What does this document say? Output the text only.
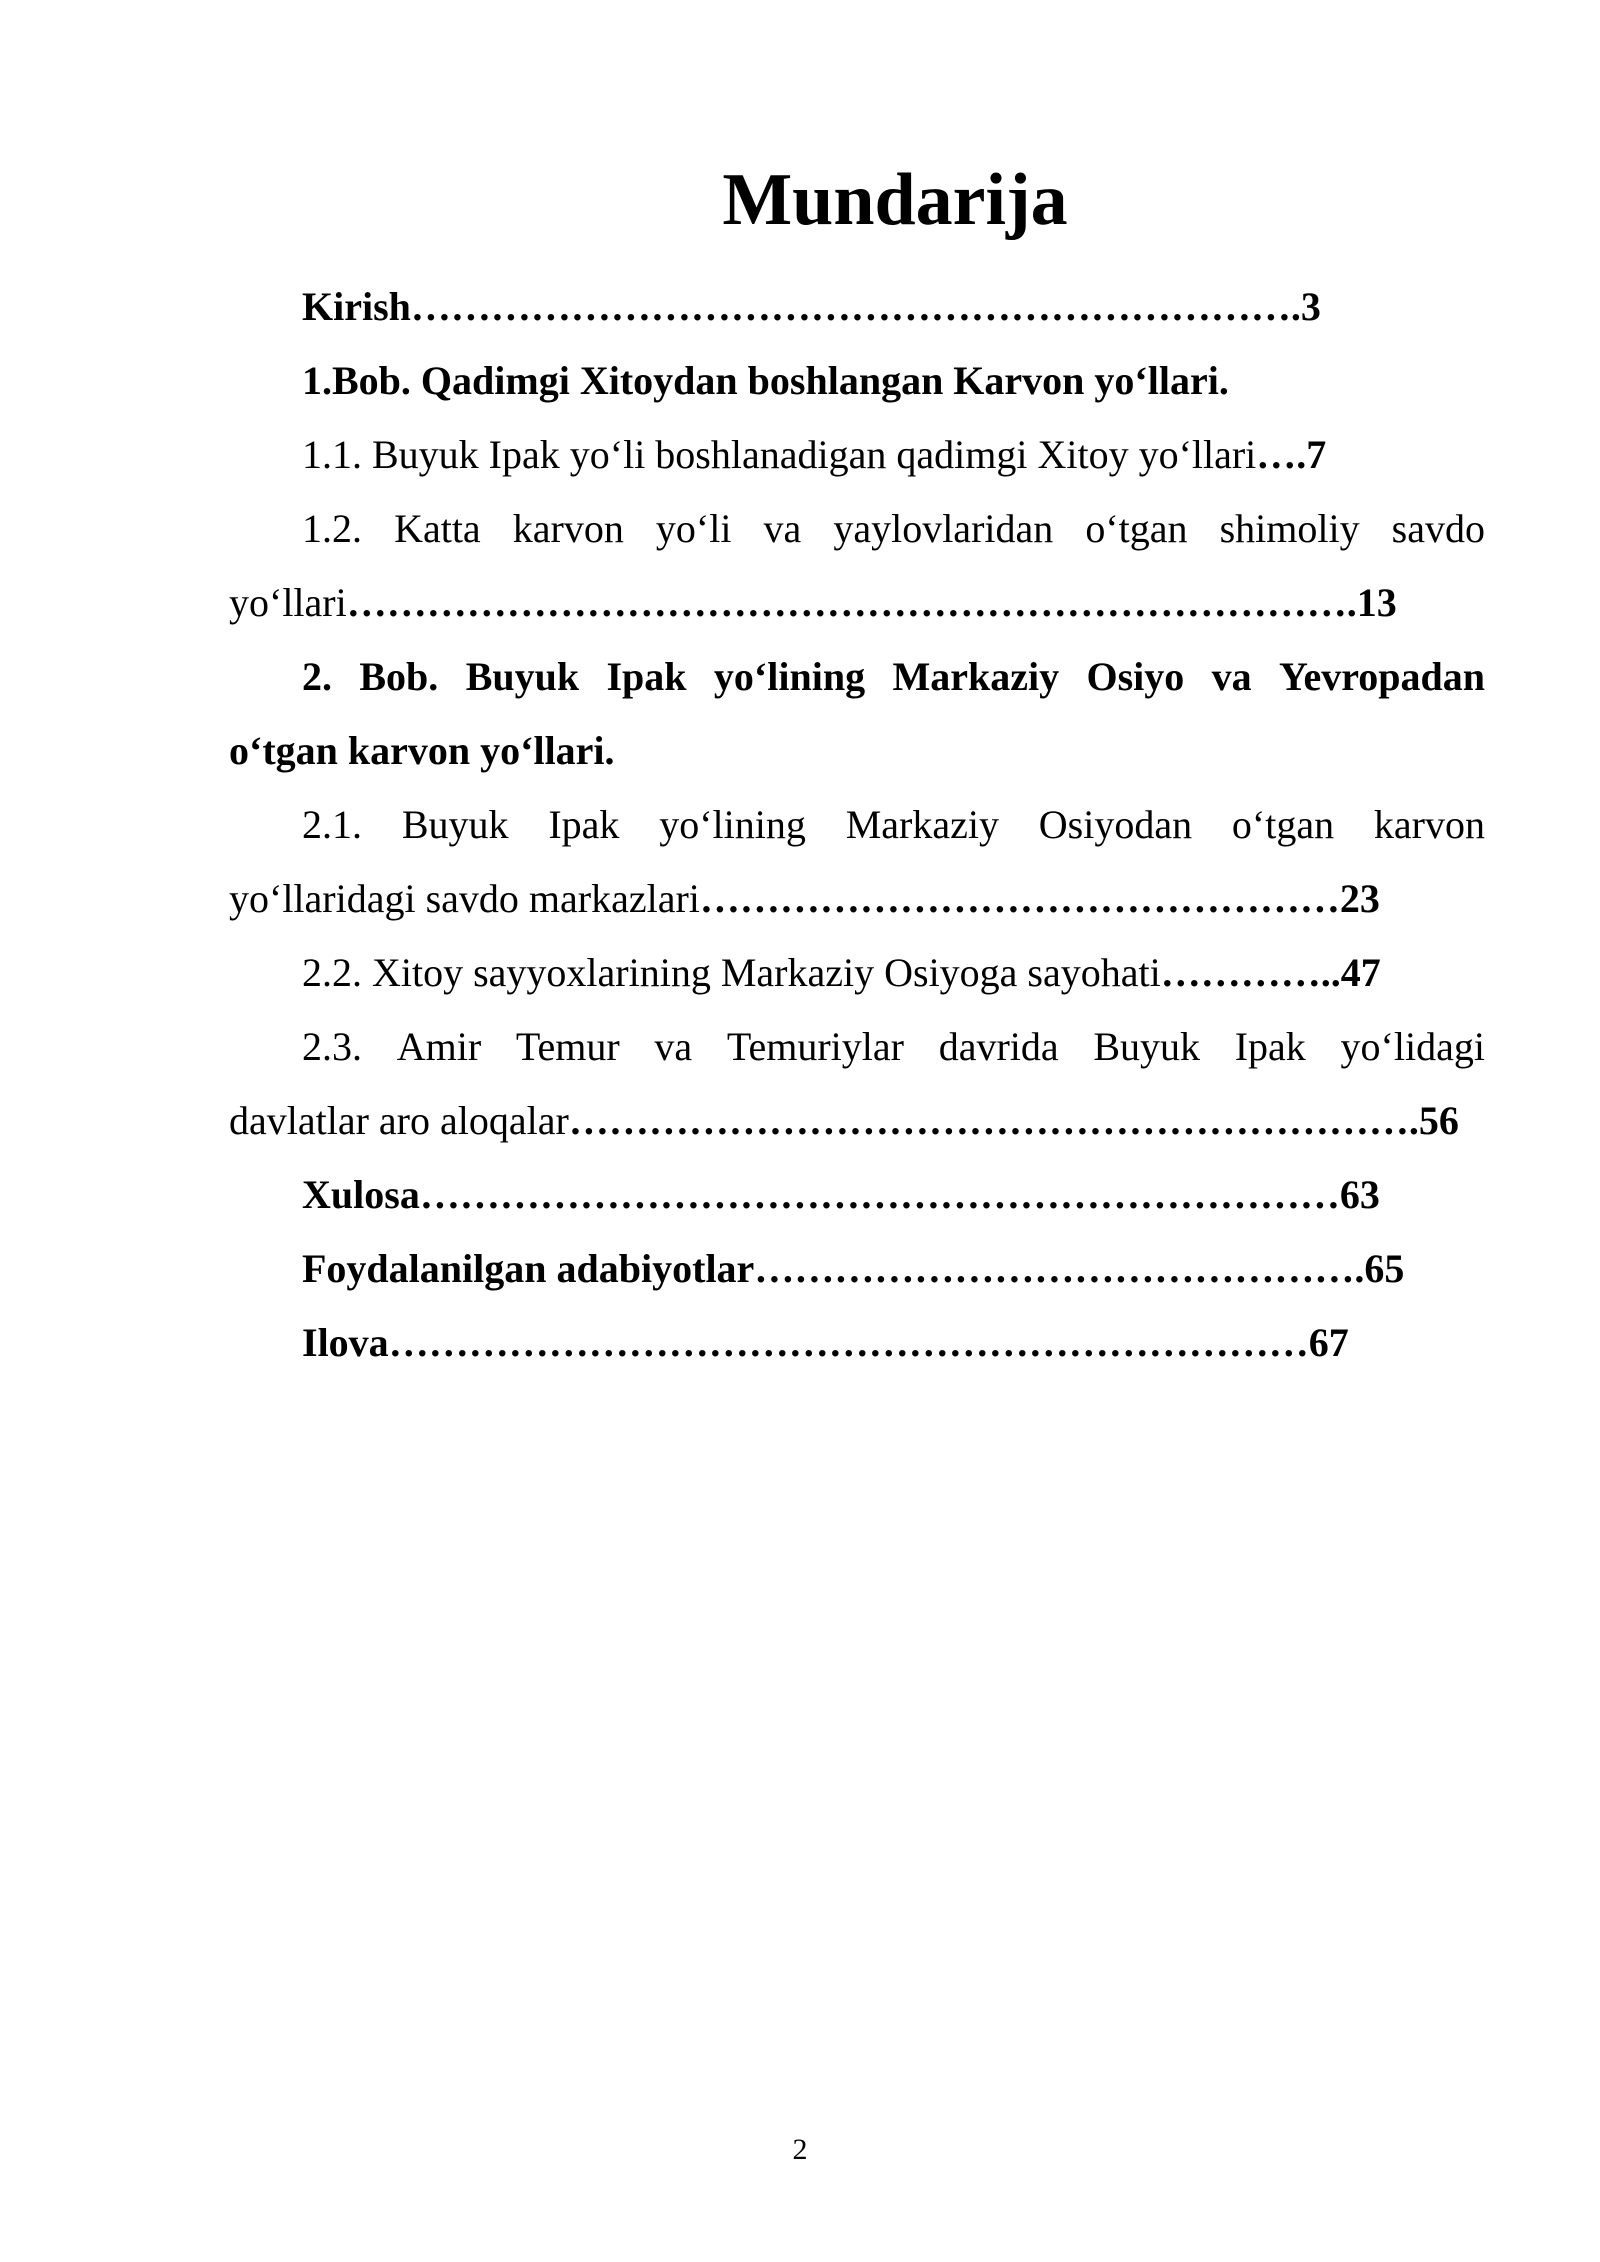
Mundarija
Kirish………………………………………………………….3
1.Bob. Qadimgi Xitoydan boshlangan Karvon yo‘llari.
1.1. Buyuk Ipak yo‘li boshlanadigan qadimgi Xitoy yo‘llari….7
1.2. Katta karvon yo‘li va yaylovlaridan o‘tgan shimoliy savdo
yo‘llari………………………………………………………………….13
2. Bob. Buyuk Ipak yo‘lining Markaziy Osiyo va Yevropadan
o‘tgan karvon yo‘llari.
2.1. Buyuk Ipak yo‘lining Markaziy Osiyodan o‘tgan karvon
yo‘llaridagi savdo markazlari…………………………………………23
2.2. Xitoy sayyoxlarining Markaziy Osiyoga sayohati…………..47
2.3. Amir Temur va Temuriylar davrida Buyuk Ipak yo‘lidagi
davlatlar aro aloqalar……………………………………………………….56
Xulosa……………………………………………………………63
Foydalanilgan adabiyotlar……………………………………….65
Ilova……………………………………………………………67
2
